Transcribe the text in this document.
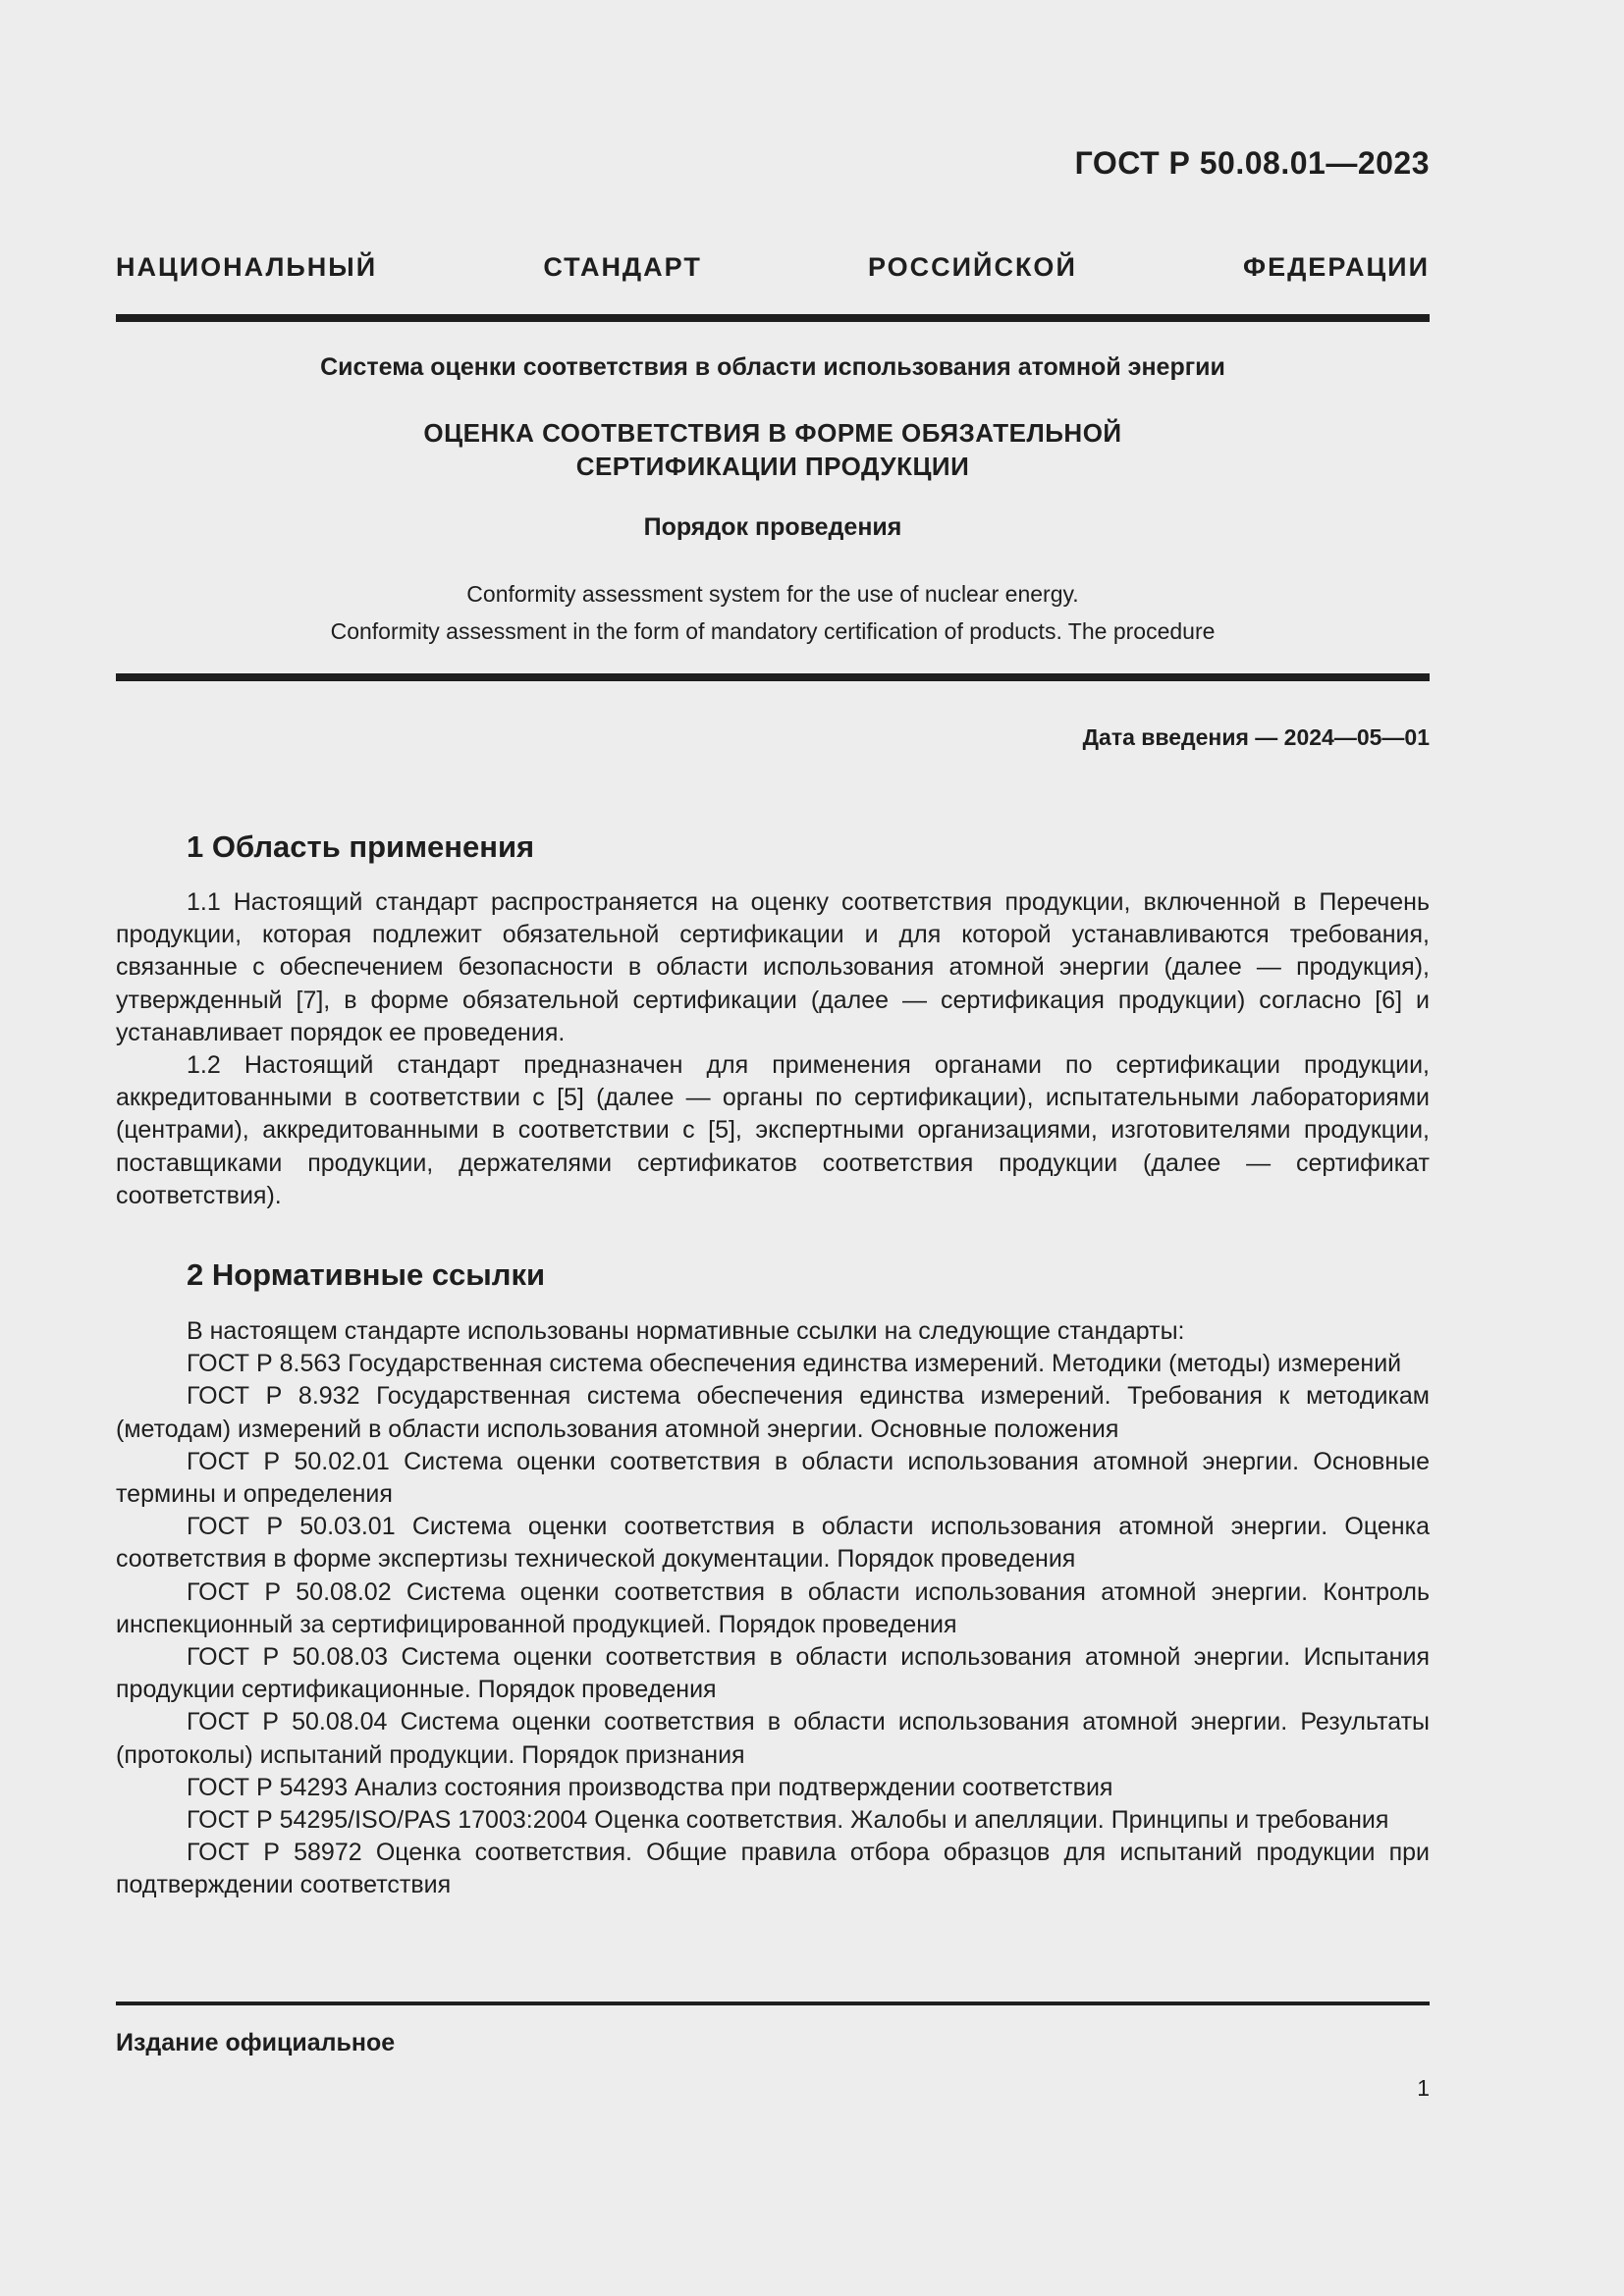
ГОСТ Р 50.08.01—2023
НАЦИОНАЛЬНЫЙ СТАНДАРТ РОССИЙСКОЙ ФЕДЕРАЦИИ
Система оценки соответствия в области использования атомной энергии
ОЦЕНКА СООТВЕТСТВИЯ В ФОРМЕ ОБЯЗАТЕЛЬНОЙ
СЕРТИФИКАЦИИ ПРОДУКЦИИ
Порядок проведения
Conformity assessment system for the use of nuclear energy.
Conformity assessment in the form of mandatory certification of products. The procedure
Дата введения — 2024—05—01
1 Область применения

1.1 Настоящий стандарт распространяется на оценку соответствия продукции, включенной в Перечень продукции, которая подлежит обязательной сертификации и для которой устанавливаются требования, связанные с обеспечением безопасности в области использования атомной энергии (далее — продукция), утвержденный [7], в форме обязательной сертификации (далее — сертификация продукции) согласно [6] и устанавливает порядок ее проведения.

1.2 Настоящий стандарт предназначен для применения органами по сертификации продукции, аккредитованными в соответствии с [5] (далее — органы по сертификации), испытательными лабораториями (центрами), аккредитованными в соответствии с [5], экспертными организациями, изготовителями продукции, поставщиками продукции, держателями сертификатов соответствия продукции (далее — сертификат соответствия).

2 Нормативные ссылки

В настоящем стандарте использованы нормативные ссылки на следующие стандарты:

ГОСТ Р 8.563 Государственная система обеспечения единства измерений. Методики (методы) измерений

ГОСТ Р 8.932 Государственная система обеспечения единства измерений. Требования к методикам (методам) измерений в области использования атомной энергии. Основные положения

ГОСТ Р 50.02.01 Система оценки соответствия в области использования атомной энергии. Основные термины и определения

ГОСТ Р 50.03.01 Система оценки соответствия в области использования атомной энергии. Оценка соответствия в форме экспертизы технической документации. Порядок проведения

ГОСТ Р 50.08.02 Система оценки соответствия в области использования атомной энергии. Контроль инспекционный за сертифицированной продукцией. Порядок проведения

ГОСТ Р 50.08.03 Система оценки соответствия в области использования атомной энергии. Испытания продукции сертификационные. Порядок проведения

ГОСТ Р 50.08.04 Система оценки соответствия в области использования атомной энергии. Результаты (протоколы) испытаний продукции. Порядок признания

ГОСТ Р 54293 Анализ состояния производства при подтверждении соответствия

ГОСТ Р 54295/ISO/PAS 17003:2004 Оценка соответствия. Жалобы и апелляции. Принципы и требования

ГОСТ Р 58972 Оценка соответствия. Общие правила отбора образцов для испытаний продукции при подтверждении соответствия

Издание официальное
1
